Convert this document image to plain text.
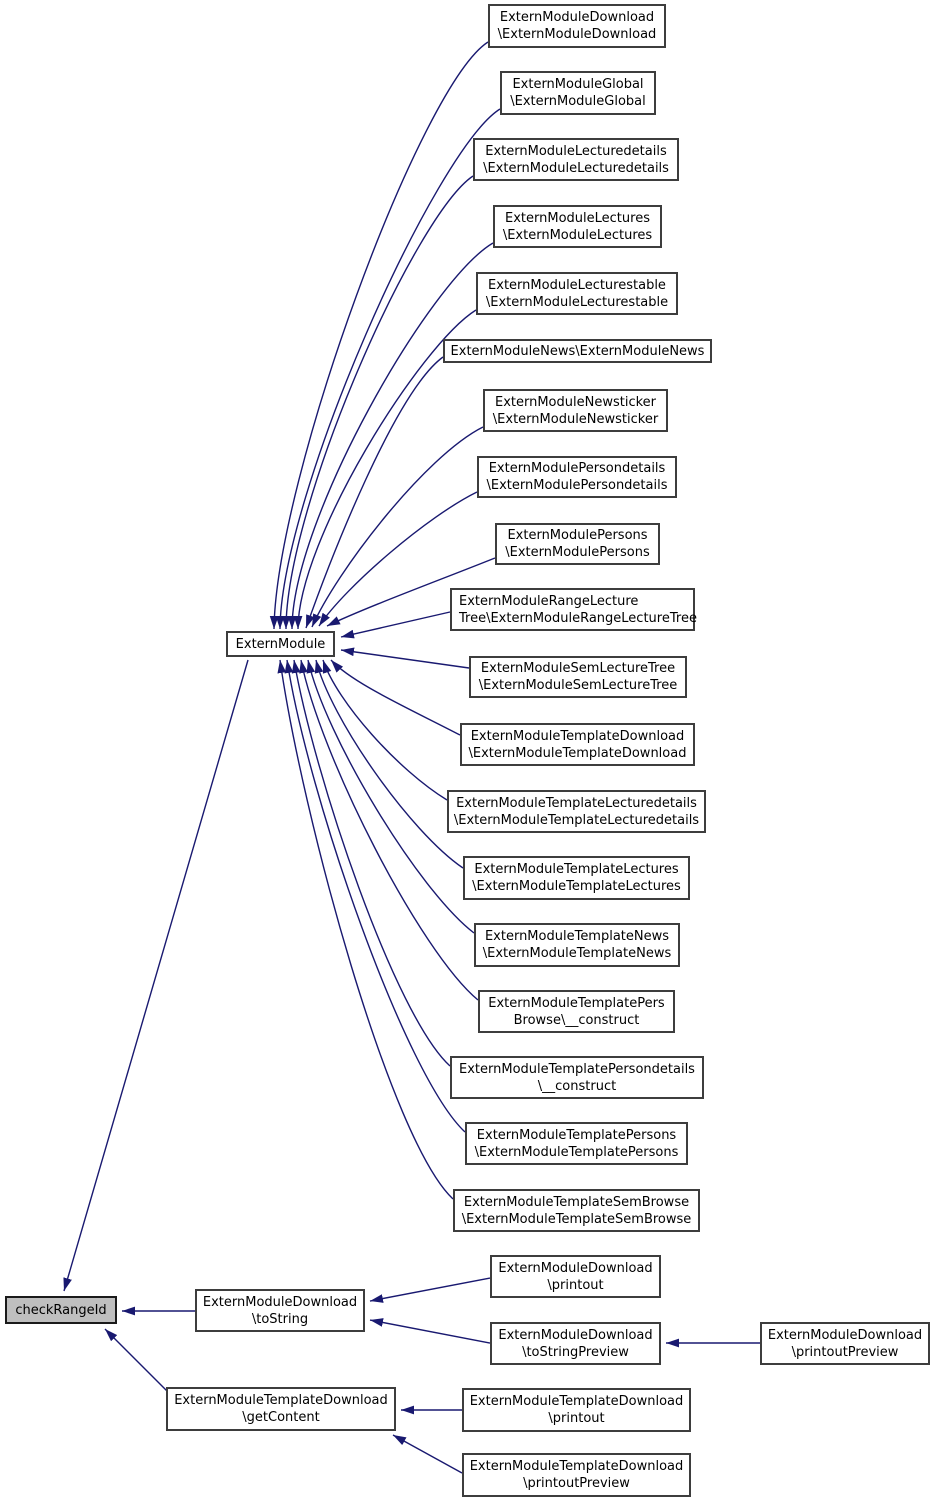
checkRangeId
ExternModule
ExternModuleDownload
\ExternModuleDownload
ExternModuleGlobal
\ExternModuleGlobal
ExternModuleLecturedetails
\ExternModuleLecturedetails
ExternModuleLectures
\ExternModuleLectures
ExternModuleLecturestable
\ExternModuleLecturestable
ExternModuleNews\ExternModuleNews
ExternModuleNewsticker
\ExternModuleNewsticker
ExternModulePersondetails
\ExternModulePersondetails
ExternModulePersons
\ExternModulePersons
ExternModuleRangeLecture
Tree\ExternModuleRangeLectureTree
ExternModuleSemLectureTree
\ExternModuleSemLectureTree
ExternModuleTemplateDownload
\ExternModuleTemplateDownload
ExternModuleTemplateLecturedetails
\ExternModuleTemplateLecturedetails
ExternModuleTemplateLectures
\ExternModuleTemplateLectures
ExternModuleTemplateNews
\ExternModuleTemplateNews
ExternModuleTemplatePers
Browse\__construct
ExternModuleTemplatePersondetails
\__construct
ExternModuleTemplatePersons
\ExternModuleTemplatePersons
ExternModuleTemplateSemBrowse
\ExternModuleTemplateSemBrowse
ExternModuleDownload
\toString
ExternModuleDownload
\printout
ExternModuleDownload
\toStringPreview
ExternModuleDownload
\printoutPreview
ExternModuleTemplateDownload
\getContent
ExternModuleTemplateDownload
\printout
ExternModuleTemplateDownload
\printoutPreview
